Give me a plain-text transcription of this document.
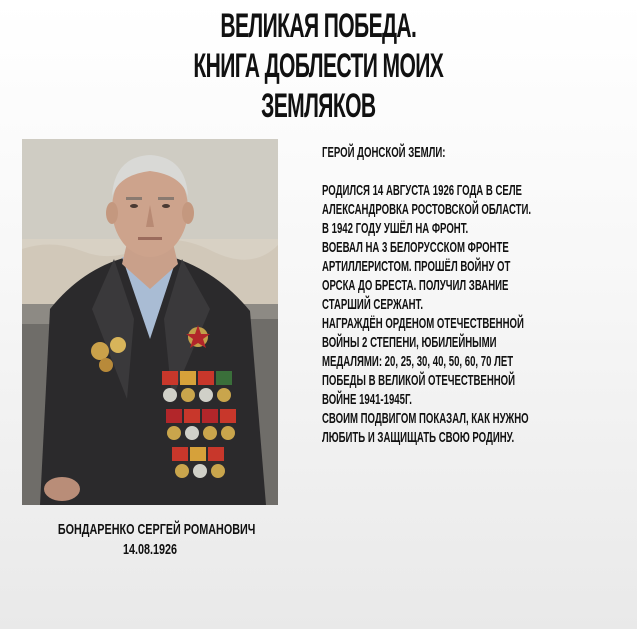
ВЕЛИКАЯ ПОБЕДА.
КНИГА ДОБЛЕСТИ МОИХ
ЗЕМЛЯКОВ
БОНДАРЕНКО СЕРГЕЙ РОМАНОВИЧ
14.08.1926
ГЕРОЙ ДОНСКОЙ ЗЕМЛИ:
РОДИЛСЯ 14 АВГУСТА 1926 ГОДА В СЕЛЕ
АЛЕКСАНДРОВКА РОСТОВСКОЙ ОБЛАСТИ.
В 1942 ГОДУ УШЁЛ НА ФРОНТ.
ВОЕВАЛ НА 3 БЕЛОРУССКОМ ФРОНТЕ
АРТИЛЛЕРИСТОМ. ПРОШЁЛ ВОЙНУ ОТ
ОРСКА ДО БРЕСТА. ПОЛУЧИЛ ЗВАНИЕ
СТАРШИЙ СЕРЖАНТ.
НАГРАЖДЁН ОРДЕНОМ ОТЕЧЕСТВЕННОЙ
ВОЙНЫ 2 СТЕПЕНИ, ЮБИЛЕЙНЫМИ
МЕДАЛЯМИ: 20, 25, 30, 40, 50, 60, 70 ЛЕТ
ПОБЕДЫ В ВЕЛИКОЙ ОТЕЧЕСТВЕННОЙ
ВОЙНЕ 1941-1945Г.
СВОИМ ПОДВИГОМ ПОКАЗАЛ, КАК НУЖНО
ЛЮБИТЬ И ЗАЩИЩАТЬ СВОЮ РОДИНУ.
